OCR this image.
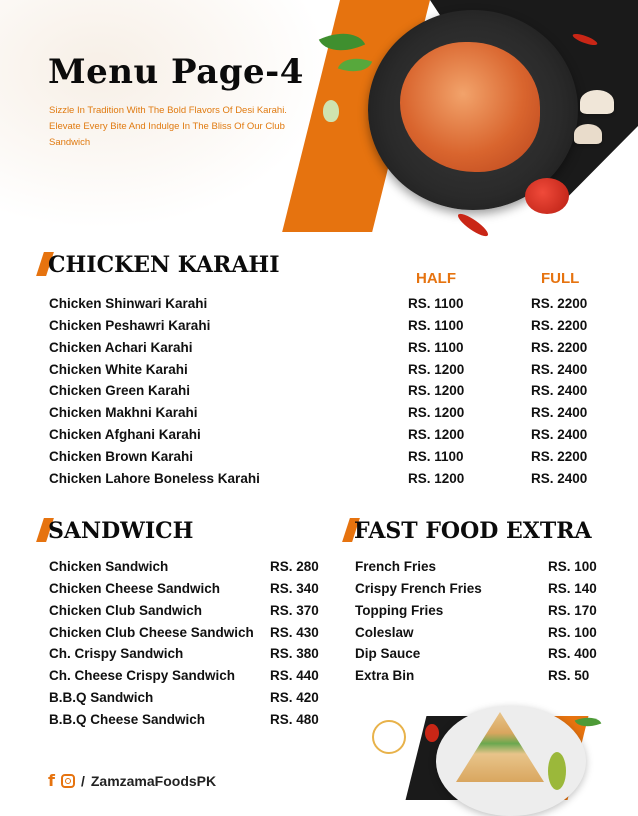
Menu Page-4

Sizzle In Tradition With The Bold Flavors Of Desi Karahi. Elevate Every Bite And Indulge In The Bliss Of Our Club Sandwich

CHICKEN KARAHI
HALF	FULL
Chicken Shinwari Karahi	RS. 1100	RS. 2200
Chicken Peshawri Karahi	RS. 1100	RS. 2200
Chicken Achari Karahi	RS. 1100	RS. 2200
Chicken White Karahi	RS. 1200	RS. 2400
Chicken Green Karahi	RS. 1200	RS. 2400
Chicken Makhni Karahi	RS. 1200	RS. 2400
Chicken Afghani Karahi	RS. 1200	RS. 2400
Chicken Brown Karahi	RS. 1100	RS. 2200
Chicken Lahore Boneless Karahi	RS. 1200	RS. 2400
SANDWICH
Chicken Sandwich	RS. 280
Chicken Cheese Sandwich	RS. 340
Chicken Club Sandwich	RS. 370
Chicken Club Cheese Sandwich RS. 430
Ch. Crispy Sandwich	RS. 380
Ch. Cheese Crispy Sandwich	RS. 440
B.B.Q Sandwich	RS. 420
B.B.Q Cheese Sandwich	RS. 480
FAST FOOD EXTRA
French Fries	RS. 100
Crispy French Fries	RS. 140
Topping Fries	RS. 170
Coleslaw	RS. 100
Dip Sauce	RS. 400
Extra Bin	RS. 50
f / ZamzamaFoodsPK
